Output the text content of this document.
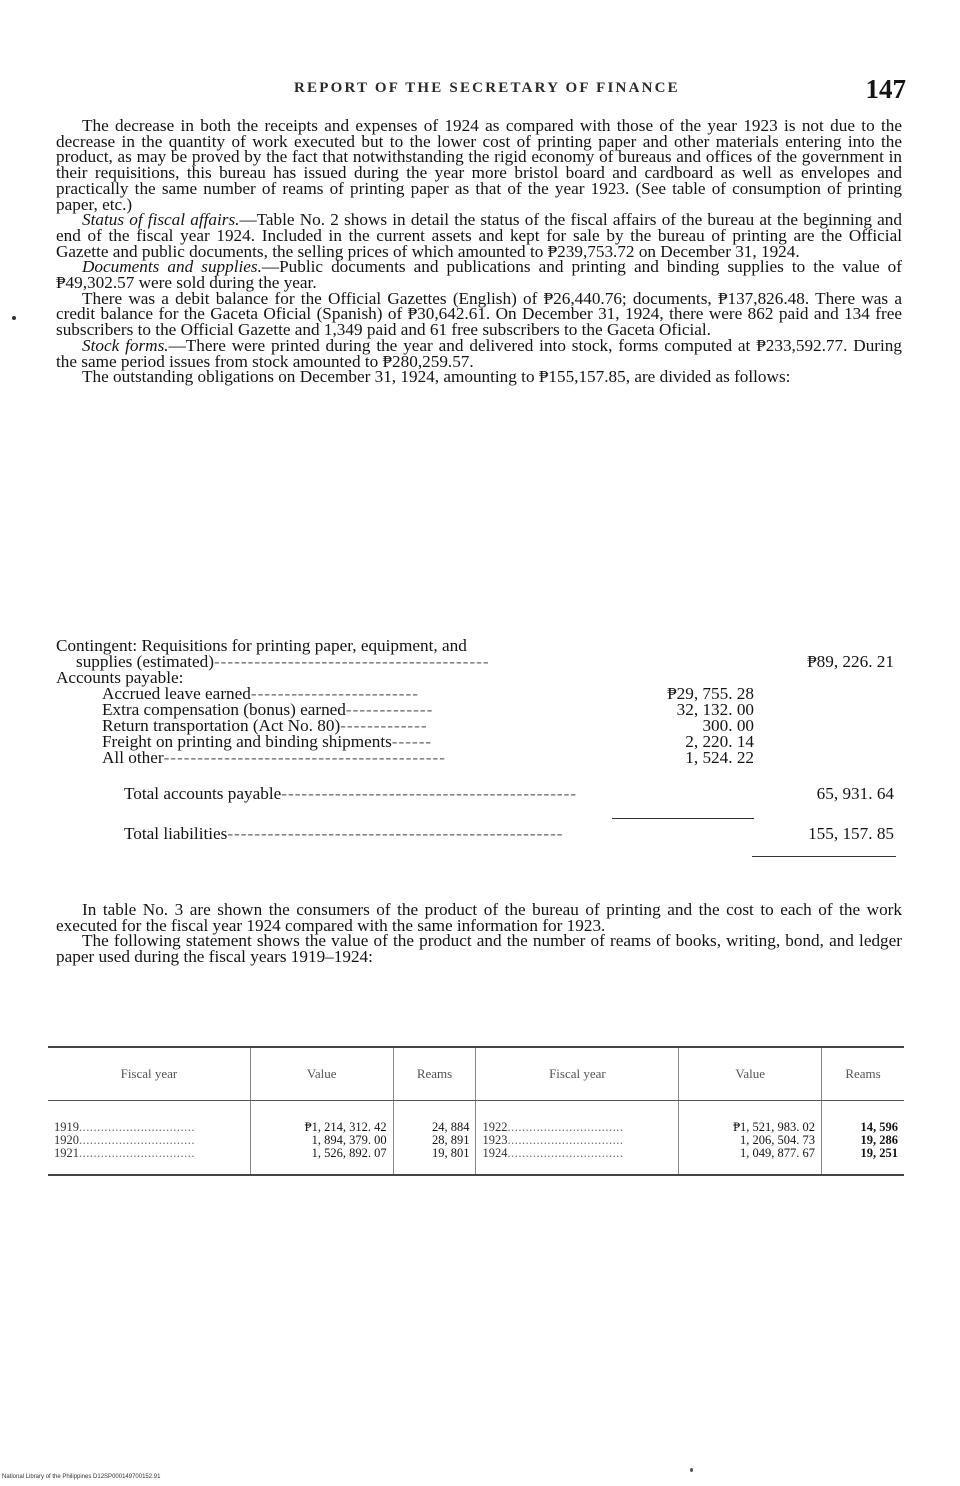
REPORT OF THE SECRETARY OF FINANCE	147

The decrease in both the receipts and expenses of 1924 as compared with those of the year 1923 is not due to the decrease in the quantity of work executed but to the lower cost of printing paper and other materials entering into the product, as may be proved by the fact that notwithstanding the rigid economy of bureaus and offices of the government in their requisitions, this bureau has issued during the year more bristol board and cardboard as well as envelopes and practically the same number of reams of printing paper as that of the year 1923. (See table of consumption of printing paper, etc.)

Status of fiscal affairs.—Table No. 2 shows in detail the status of the fiscal affairs of the bureau at the beginning and end of the fiscal year 1924. Included in the current assets and kept for sale by the bureau of printing are the Official Gazette and public documents, the selling prices of which amounted to ₱239,753.72 on December 31, 1924.

Documents and supplies.—Public documents and publications and printing and binding supplies to the value of ₱49,302.57 were sold during the year.

There was a debit balance for the Official Gazettes (English) of ₱26,440.76; documents, ₱137,826.48. There was a credit balance for the Gaceta Oficial (Spanish) of ₱30,642.61. On December 31, 1924, there were 862 paid and 134 free subscribers to the Official Gazette and 1,349 paid and 61 free subscribers to the Gaceta Oficial.

Stock forms.—There were printed during the year and delivered into stock, forms computed at ₱233,592.77. During the same period issues from stock amounted to ₱280,259.57.

The outstanding obligations on December 31, 1924, amounting to ₱155,157.85, are divided as follows:

Contingent: Requisitions for printing paper, equipment, and
supplies (estimated)-----------------------------------------	₱89, 226. 21
Accounts payable:
Accrued leave earned-------------------------	₱29, 755. 28
Extra compensation (bonus) earned-------------	32, 132. 00
Return transportation (Act No. 80)-------------	300. 00
Freight on printing and binding shipments------	2, 220. 14
All other------------------------------------------	1, 524. 22
Total accounts payable--------------------------------------------	65, 931. 64
Total liabilities--------------------------------------------------	155, 157. 85

In table No. 3 are shown the consumers of the product of the bureau of printing and the cost to each of the work executed for the fiscal year 1924 compared with the same information for 1923.

The following statement shows the value of the product and the number of reams of books, writing, bond, and ledger paper used during the fiscal years 1919–1924:

Fiscal year	Value	Reams	Fiscal year	Value	Reams
1919................................	₱1, 214, 312. 42	24, 884	1922................................	₱1, 521, 983. 02	14, 596
1920................................	1, 894, 379. 00	28, 891	1923................................	1, 206, 504. 73	19, 286
1921................................	1, 526, 892. 07	19, 801	1924................................	1, 049, 877. 67	19, 251
National Library of the Philippines D12SP000149700152.91
